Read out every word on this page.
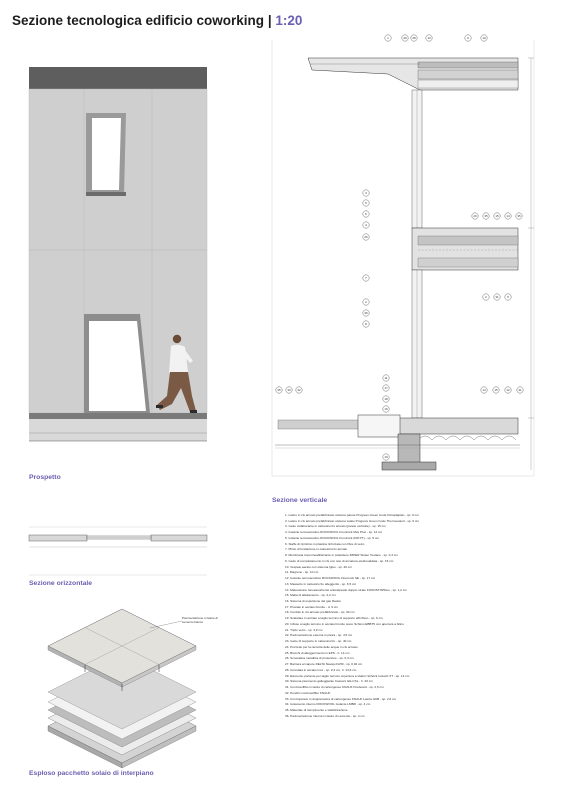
Sezione tecnologica edificio coworking | 1:20
1	29 28	13	9	10
3
5
6
4
26
7
2
36
8
20	35	15	14	35
2	31	5
35 33 32	14	15	12	31
11
17
18
16
19
Pavimentazione in lastre di cemento bianco
Prospetto
Sezione verticale
Sezione orizzontale
Esploso pacchetto solaio di interpiano
1. Lastre in cls armato prefabbricato sistema parete Progress Green Code Kilmadaplan - sp. 6 cm
2. Lastre in cls armato prefabbricato sistema solaio Progress Green Code Thermowand - sp. 6 cm
3. Getto collaborante in calcestruzzo armato (parete verticale) - sp. 15 cm
4. Isolante termoacustico ROCKWOOL Frontrock Max Plus - sp. 12 cm
5. Isolante termoacustico ROCKWOOL Frontrock (DR PT) - sp. 5 cm
6. Staffe di ripristino in plastica rinforzata con fibre di vetro
7. Plinto di fondazione in calcestruzzo armato
8. Membrana impermeabilizzante in polietilene IMPER Stoker Testane - sp. 0,3 cm
9. Getto di completamento in cls con rete di armatura elettrosaldata - sp. 15 cm
10. Vespaio aerato con sistema Igloo - sp. 40 cm
11. Magrone - sp. 10 cm
12. Isolante termoacustico ROCKWOOL Floorrock SE - sp. 17 cm
13. Massetto in calcestruzzo alleggerito - sp. 6,5 cm
14. Materassino fonoassorbente anticalpestio doppio strato FONOSTOPDuo - sp. 1,2 cm
15. Malta di allettamento - sp. 2,2 cm
16. Sistema di espulsione del gas Radon
17. Pluviale in acciaio brunito - d. 9 cm
18. Cordolo in cls armato prefabbricato - sp. 30 cm
19. Scatolare in acciaio a taglio termico di supporto all'infisso - sp. 6 cm
20. Infisso a taglio termico in acciaio brunito tesco Schüco EBBT5 con apertura a bilico
21. Triplo vetro - sp. 3,9 cm
22. Pavimentazione esterna in pietra - sp. 4,5 cm
23. Getto di supporto in calcestruzzo - sp. 40 cm
24. Pozzetto per la raccolta delle acque in cls armato
25. Blocchi di alleggerimento in EPS - h. 14 cm
26. Scossalina metallica di protezione - sp. 0,3 cm
27. Barriera al vapore DELTA Navaju FA50 - sp. 0,02 cm
28. Grondaia in acciaio inox - sp. 0,3 cm, h. 13,6 cm
29. Elemento portante per taglio termico copertura a sbalzo Schöck Isokorb XT - sp. 12 cm
30. Sistema pavimento galleggiante Cassoni GE-CSL - h. 20 cm
31. Controsoffitto in lastre di cartongesso KNAUF Fireboard - sp. 2,5 cm
32. Pendini controsoffitto KNAUF
33. Controparete in doppia lastra di cartongesso KNAUF Lastra GKB - sp. 2,6 cm
34. Isolamento interno ROCKWOOL Isolante LMBR - sp. 4 cm
35. Materiale di riempimento e stabilizzazione
36. Pavimentazione interna in lastre di cemento - sp. 4 cm
